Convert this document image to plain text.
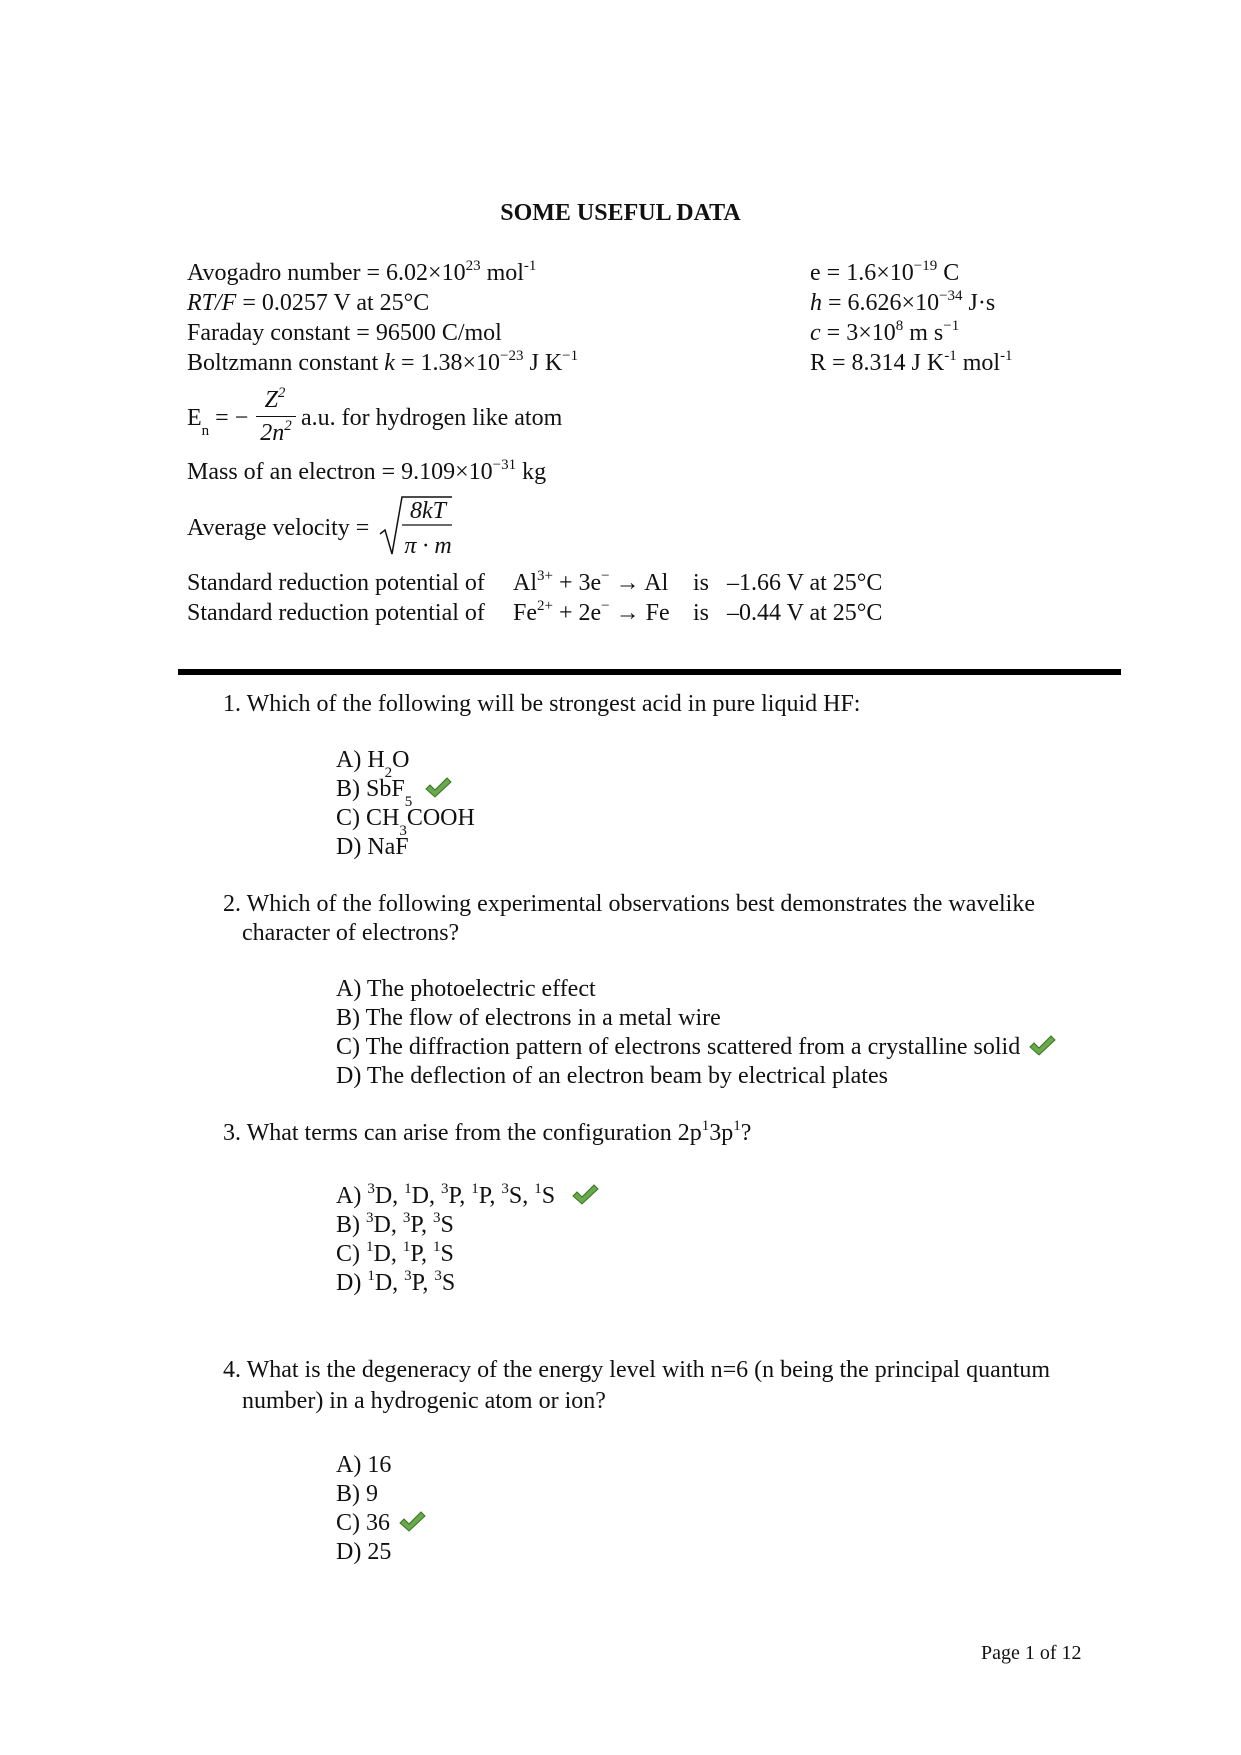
SOME USEFUL DATA
Avogadro number = $6.02\times 10^{23}$ mol$^{-1}$
RT/F = 0.0257 V at 25°C
Faraday constant = 96500 C/mol
Boltzmann constant $k = 1.38\times 10^{-23}$ J $K^{-1}$
$e = 1.6\times 10^{-19}$ C
$h = 6.626\times 10^{-34}$ J·s
$c = 3\times 10^8$ m $s^{-1}$
R = 8.314 J $K^{-1}$ mol$^{-1}$
$E_n$ = −
$Z^2$
$2n^2$ a.u. for hydrogen like atom
Mass of an electron = $9.109\times 10^{-31}$ kg
Average velocity =
8kT
π · m
Standard reduction potential of $Al^{3+} + 3e^- \to Al$ is –1.66 V at 25°C
Standard reduction potential of $Fe^{2+} + 2e^- \to Fe$ is –0.44 V at 25°C
1. Which of the following will be strongest acid in pure liquid HF:
A) $H_2O$
B) SbF$_5$
C) $CH_3COOH$
D) NaF
2. Which of the following experimental observations best demonstrates the wavelike
character of electrons?
A) The photoelectric effect
B) The flow of electrons in a metal wire
C) The diffraction pattern of electrons scattered from a crystalline solid
D) The deflection of an electron beam by electrical plates
3. What terms can arise from the configuration $2p^13p^1$?
A) $^3$D, $^1$D, $^3$P, $^1$P, $^3$S, $^1$S
B) $^3$D, $^3$P, $^3$S
C) $^1$D, $^1$P, $^1$S
D) $^1$D, $^3$P, $^3$S
4. What is the degeneracy of the energy level with n=6 (n being the principal quantum
number) in a hydrogenic atom or ion?
A) 16
B) 9
C) 36
D) 25
Page 1 of 12
